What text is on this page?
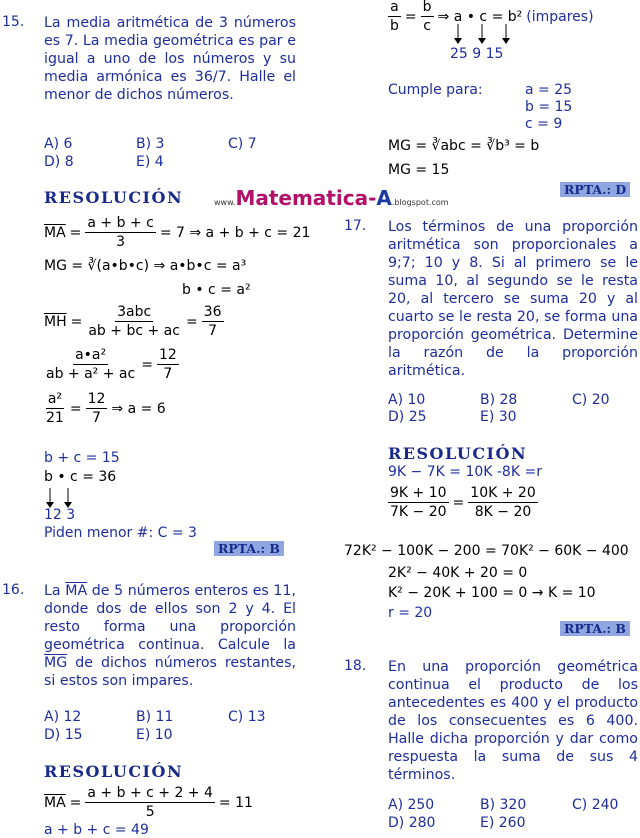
15. La media aritmética de 3 números es 7. La media geométrica es par e igual a uno de los números y su media armónica es 36/7. Halle el menor de dichos números.
A) 6	B) 3	C) 7
D) 8	E) 4
RESOLUCIÓN	www.Matematica-A.blogspot.com
$\overline{MA} = \frac{a + b + c}{3} = 7$ ⇒ a + b + c = 21
MG = ∛(a•b•c) ⇒ a•b•c = a³
b • c = a²
$\overline{MH} = \frac{\text{3abc}}{ab + bc + ac} = \frac{36}{7}$
$\frac{\text{a•a²}}{\text{ab + a² + ac}} = \frac{12}{7}$
$\frac{\text{a²}}{21} = \frac{12}{7}$ ⇒ a = 6
b + c = 15
b • c = 36
12 3
Piden menor #: C = 3
RPTA.: B
16. La $\overline{MA}$ de 5 números enteros es 11, donde dos de ellos son 2 y 4. El resto forma una proporción geométrica continua. Calcule la $\overline{MG}$ de dichos números restantes, si estos son impares.
A) 12	B) 11	C) 13
D) 15	E) 10
RESOLUCIÓN
$\overline{MA} = \frac{a + b + c + 2 + 4}{5} = 11$
a + b + c = 49
$\frac{a}{b} = \frac{b}{c}$ ⇒ a • c = b² (impares)
25 9 15
Cumple para:	a = 25
b = 15
c = 9
MG = ∛abc = ∛b³ = b
MG = 15
RPTA.: D
17. Los términos de una proporción aritmética son proporcionales a 9;7; 10 y 8. Si al primero se le suma 10, al segundo se le resta 20, al tercero se suma 20 y al cuarto se le resta 20, se forma una proporción geométrica. Determine la razón de la proporción aritmética.
A) 10	B) 28	C) 20
D) 25	E) 30
RESOLUCIÓN
9K − 7K = 10K -8K =r
$\frac{9K + 10}{7K - 20} = \frac{10K + 20}{8K - 20}$
72K² − 100K − 200 = 70K² − 60K − 400
2K² − 40K + 20 = 0
K² − 20K + 100 = 0 → K = 10
r = 20
RPTA.: B
18. En una proporción geométrica continua el producto de los antecedentes es 400 y el producto de los consecuentes es 6 400. Halle dicha proporción y dar como respuesta la suma de sus 4 términos.
A) 250	B) 320	C) 240
D) 280	E) 260
